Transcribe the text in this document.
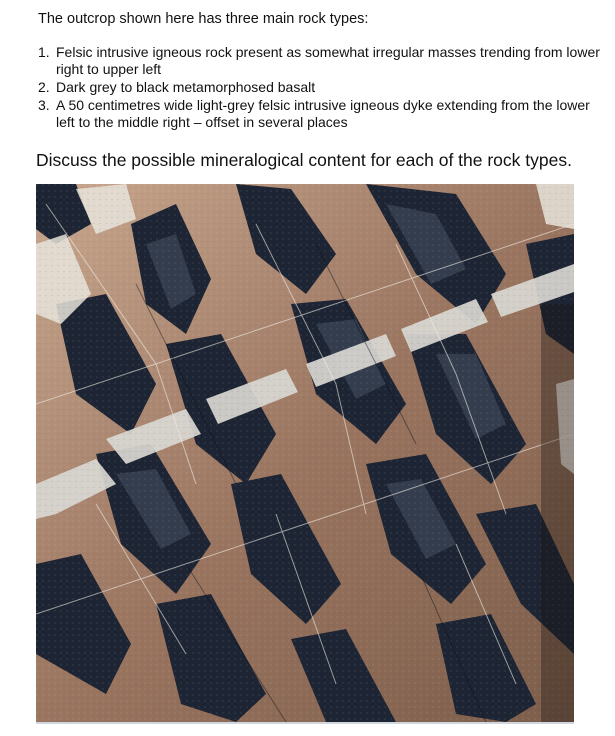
The outcrop shown here has three main rock types:

1. Felsic intrusive igneous rock present as somewhat irregular masses trending from lower right to upper left
2. Dark grey to black metamorphosed basalt
3. A 50 centimetres wide light-grey felsic intrusive igneous dyke extending from the lower left to the middle right – offset in several places

Discuss the possible mineralogical content for each of the rock types.
